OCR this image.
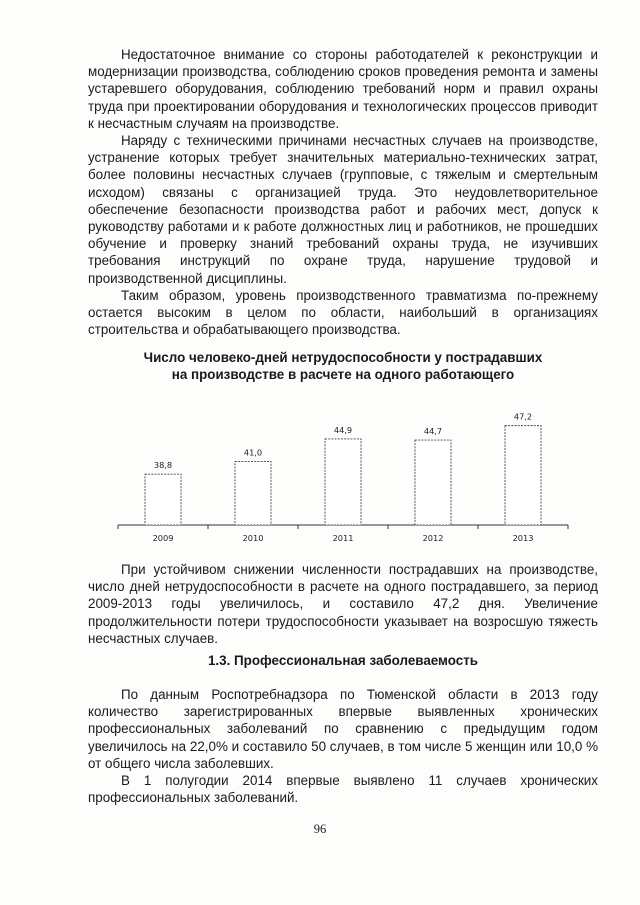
Недостаточное внимание со стороны работодателей к реконструкции и модернизации производства, соблюдению сроков проведения ремонта и замены устаревшего оборудования, соблюдению требований норм и правил охраны труда при проектировании оборудования и технологических процессов приводит к несчастным случаям на производстве.

Наряду с техническими причинами несчастных случаев на производстве, устранение которых требует значительных материально-технических затрат, более половины несчастных случаев (групповые, с тяжелым и смертельным исходом) связаны с организацией труда. Это неудовлетворительное обеспечение безопасности производства работ и рабочих мест, допуск к руководству работами и к работе должностных лиц и работников, не прошедших обучение и проверку знаний требований охраны труда, не изучивших требования инструкций по охране труда, нарушение трудовой и производственной дисциплины.

Таким образом, уровень производственного травматизма по-прежнему остается высоким в целом по области, наибольший в организациях строительства и обрабатывающего производства.

Число человеко-дней нетрудоспособности у пострадавших
на производстве в расчете на одного работающего
38,8
2009
41,0
2010
44,9
2011
44,7
2012
47,2
2013

При устойчивом снижении численности пострадавших на производстве, число дней нетрудоспособности в расчете на одного пострадавшего, за период 2009-2013 годы увеличилось, и составило 47,2 дня. Увеличение продолжительности потери трудоспособности указывает на возросшую тяжесть несчастных случаев.

1.3. Профессиональная заболеваемость

По данным Роспотребнадзора по Тюменской области в 2013 году количество зарегистрированных впервые выявленных хронических профессиональных заболеваний по сравнению с предыдущим годом увеличилось на 22,0% и составило 50 случаев, в том числе 5 женщин или 10,0 % от общего числа заболевших.

В 1 полугодии 2014 впервые выявлено 11 случаев хронических профессиональных заболеваний.

96
